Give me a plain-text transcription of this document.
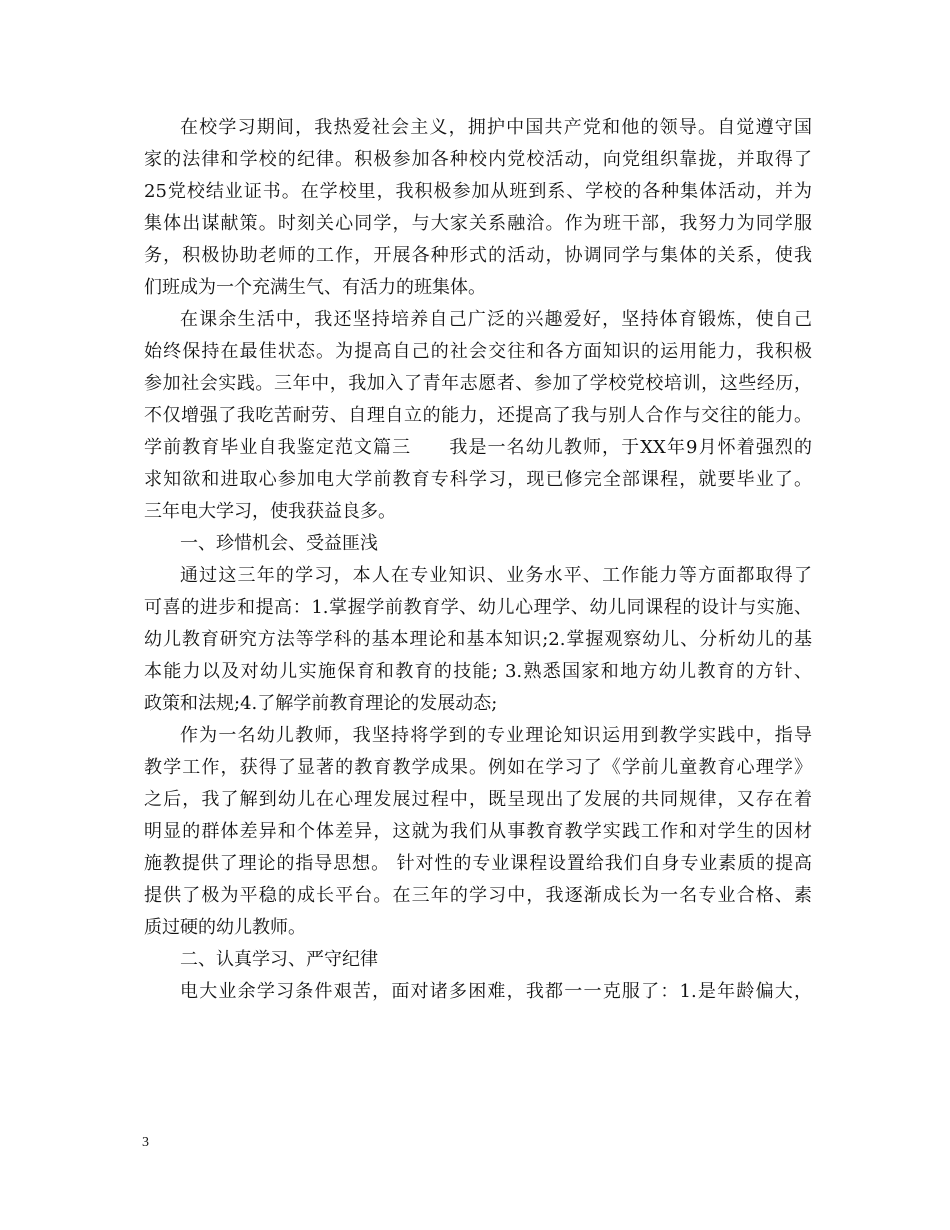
在校学习期间，我热爱社会主义，拥护中国共产党和他的领导。自觉遵守国
家的法律和学校的纪律。积极参加各种校内党校活动，向党组织靠拢，并取得了
25党校结业证书。在学校里，我积极参加从班到系、学校的各种集体活动，并为
集体出谋献策。时刻关心同学，与大家关系融洽。作为班干部，我努力为同学服
务，积极协助老师的工作，开展各种形式的活动，协调同学与集体的关系，使我
们班成为一个充满生气、有活力的班集体。
在课余生活中，我还坚持培养自己广泛的兴趣爱好，坚持体育锻炼，使自己
始终保持在最佳状态。为提高自己的社会交往和各方面知识的运用能力，我积极
参加社会实践。三年中，我加入了青年志愿者、参加了学校党校培训，这些经历，
不仅增强了我吃苦耐劳、自理自立的能力，还提高了我与别人合作与交往的能力。
学前教育毕业自我鉴定范文篇三　　我是一名幼儿教师，于XX年9月怀着强烈的
求知欲和进取心参加电大学前教育专科学习，现已修完全部课程，就要毕业了。
三年电大学习，使我获益良多。
一、珍惜机会、受益匪浅
通过这三年的学习，本人在专业知识、业务水平、工作能力等方面都取得了
可喜的进步和提高：1.掌握学前教育学、幼儿心理学、幼儿同课程的设计与实施、
幼儿教育研究方法等学科的基本理论和基本知识;2.掌握观察幼儿、分析幼儿的基
本能力以及对幼儿实施保育和教育的技能; 3.熟悉国家和地方幼儿教育的方针、
政策和法规;4.了解学前教育理论的发展动态;
作为一名幼儿教师，我坚持将学到的专业理论知识运用到教学实践中，指导
教学工作，获得了显著的教育教学成果。例如在学习了《学前儿童教育心理学》
之后，我了解到幼儿在心理发展过程中，既呈现出了发展的共同规律，又存在着
明显的群体差异和个体差异，这就为我们从事教育教学实践工作和对学生的因材
施教提供了理论的指导思想。 针对性的专业课程设置给我们自身专业素质的提高
提供了极为平稳的成长平台。在三年的学习中，我逐渐成长为一名专业合格、素
质过硬的幼儿教师。
二、认真学习、严守纪律
电大业余学习条件艰苦，面对诸多困难，我都一一克服了：1.是年龄偏大，
3
